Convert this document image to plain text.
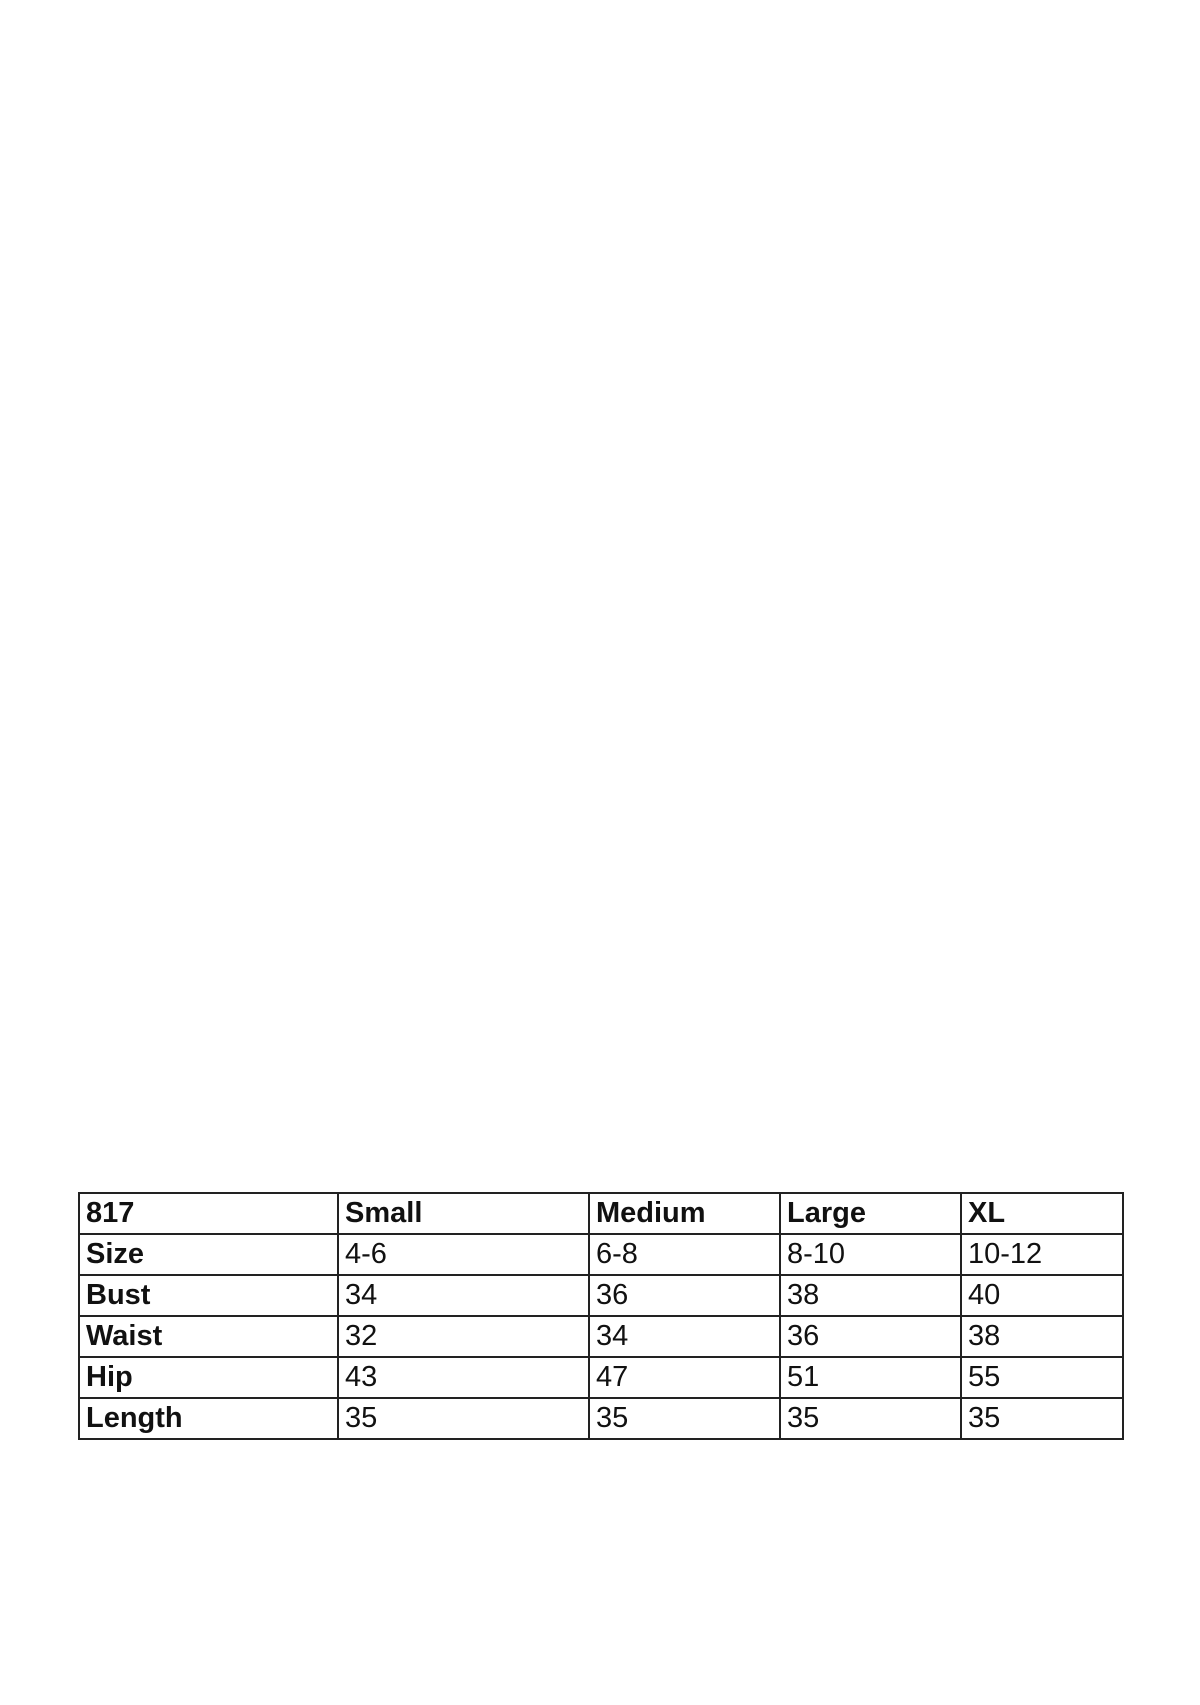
817	Small	Medium	Large	XL
Size	4-6	6-8	8-10	10-12
Bust	34	36	38	40
Waist	32	34	36	38
Hip	43	47	51	55
Length	35	35	35	35
